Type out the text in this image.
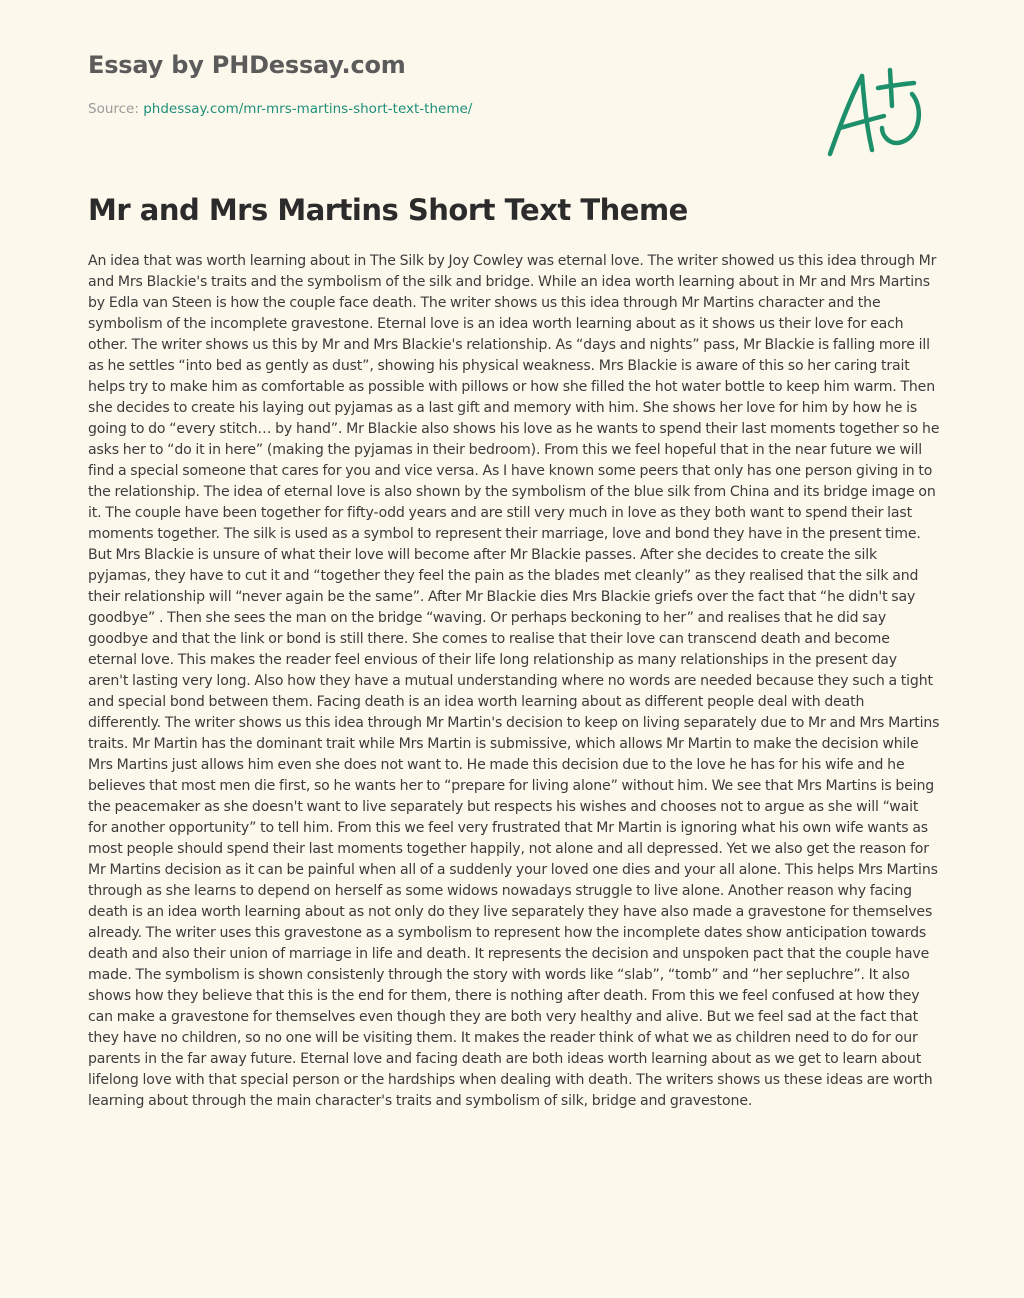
Essay by PHDessay.com
Source: phdessay.com/mr-mrs-martins-short-text-theme/
Mr and Mrs Martins Short Text Theme

An idea that was worth learning about in The Silk by Joy Cowley was eternal love. The writer showed us this idea through Mr and Mrs Blackie's traits and the symbolism of the silk and bridge. While an idea worth learning about in Mr and Mrs Martins by Edla van Steen is how the couple face death. The writer shows us this idea through Mr Martins character and the symbolism of the incomplete gravestone. Eternal love is an idea worth learning about as it shows us their love for each other. The writer shows us this by Mr and Mrs Blackie's relationship. As “days and nights” pass, Mr Blackie is falling more ill as he settles “into bed as gently as dust”, showing his physical weakness. Mrs Blackie is aware of this so her caring trait helps try to make him as comfortable as possible with pillows or how she filled the hot water bottle to keep him warm. Then she decides to create his laying out pyjamas as a last gift and memory with him. She shows her love for him by how he is going to do “every stitch… by hand”. Mr Blackie also shows his love as he wants to spend their last moments together so he asks her to “do it in here” (making the pyjamas in their bedroom). From this we feel hopeful that in the near future we will find a special someone that cares for you and vice versa. As I have known some peers that only has one person giving in to the relationship. The idea of eternal love is also shown by the symbolism of the blue silk from China and its bridge image on it. The couple have been together for fifty-odd years and are still very much in love as they both want to spend their last moments together. The silk is used as a symbol to represent their marriage, love and bond they have in the present time. But Mrs Blackie is unsure of what their love will become after Mr Blackie passes. After she decides to create the silk pyjamas, they have to cut it and “together they feel the pain as the blades met cleanly” as they realised that the silk and their relationship will “never again be the same”. After Mr Blackie dies Mrs Blackie griefs over the fact that “he didn't say goodbye” . Then she sees the man on the bridge “waving. Or perhaps beckoning to her” and realises that he did say goodbye and that the link or bond is still there. She comes to realise that their love can transcend death and become eternal love. This makes the reader feel envious of their life long relationship as many relationships in the present day aren't lasting very long. Also how they have a mutual understanding where no words are needed because they such a tight and special bond between them. Facing death is an idea worth learning about as different people deal with death differently. The writer shows us this idea through Mr Martin's decision to keep on living separately due to Mr and Mrs Martins traits. Mr Martin has the dominant trait while Mrs Martin is submissive, which allows Mr Martin to make the decision while Mrs Martins just allows him even she does not want to. He made this decision due to the love he has for his wife and he believes that most men die first, so he wants her to “prepare for living alone” without him. We see that Mrs Martins is being the peacemaker as she doesn't want to live separately but respects his wishes and chooses not to argue as she will “wait for another opportunity” to tell him. From this we feel very frustrated that Mr Martin is ignoring what his own wife wants as most people should spend their last moments together happily, not alone and all depressed. Yet we also get the reason for Mr Martins decision as it can be painful when all of a suddenly your loved one dies and your all alone. This helps Mrs Martins through as she learns to depend on herself as some widows nowadays struggle to live alone. Another reason why facing death is an idea worth learning about as not only do they live separately they have also made a gravestone for themselves already. The writer uses this gravestone as a symbolism to represent how the incomplete dates show anticipation towards death and also their union of marriage in life and death. It represents the decision and unspoken pact that the couple have made. The symbolism is shown consistenly through the story with words like “slab”, “tomb” and “her sepluchre”. It also shows how they believe that this is the end for them, there is nothing after death. From this we feel confused at how they can make a gravestone for themselves even though they are both very healthy and alive. But we feel sad at the fact that they have no children, so no one will be visiting them. It makes the reader think of what we as children need to do for our parents in the far away future. Eternal love and facing death are both ideas worth learning about as we get to learn about lifelong love with that special person or the hardships when dealing with death. The writers shows us these ideas are worth learning about through the main character's traits and symbolism of silk, bridge and gravestone.
